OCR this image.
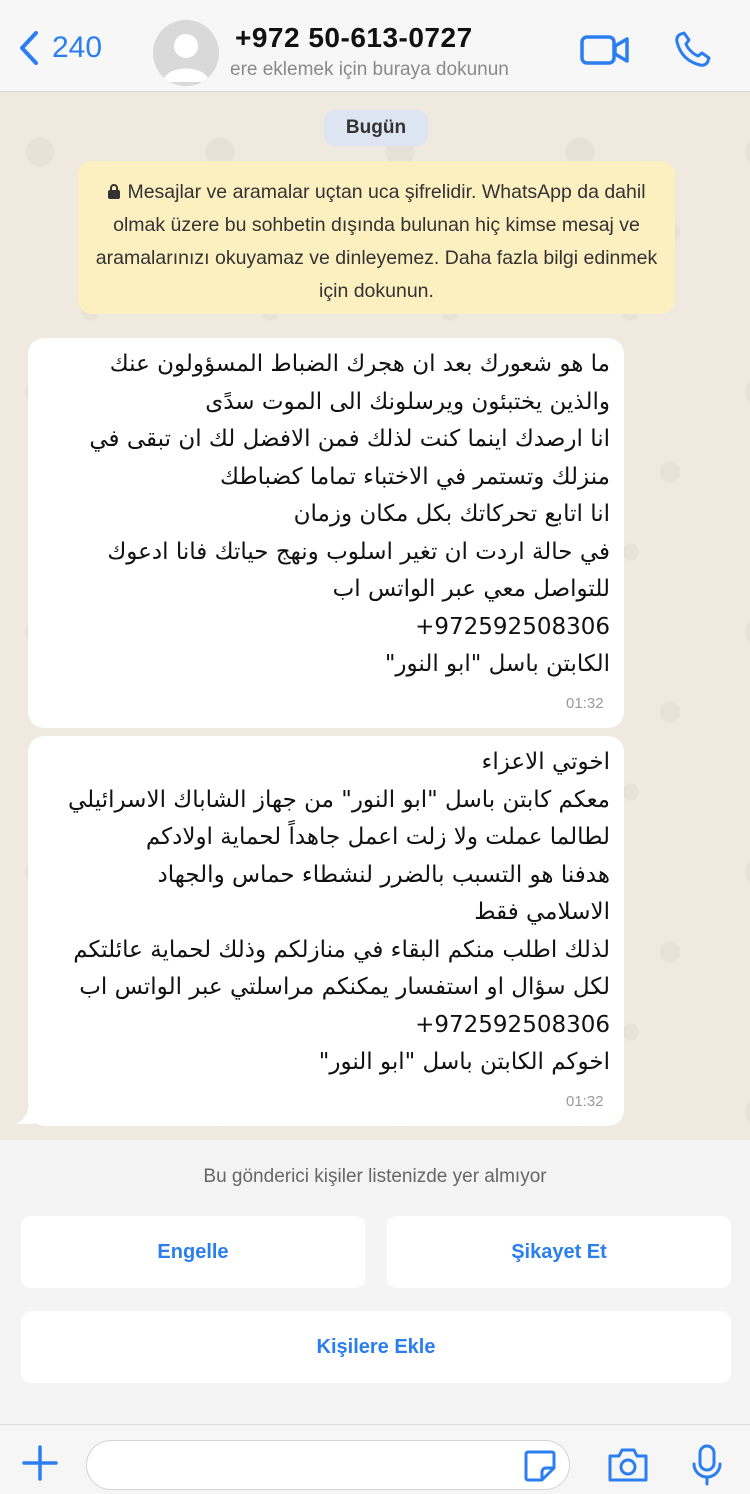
240	+972 50-613-0727
ere eklemek için buraya dokunun
Bugün
Mesajlar ve aramalar uçtan uca şifrelidir. WhatsApp da dahil olmak üzere bu sohbetin dışında bulunan hiç kimse mesaj ve aramalarınızı okuyamaz ve dinleyemez. Daha fazla bilgi edinmek için dokunun.
ما هو شعورك بعد ان هجرك الضباط المسؤولون عنك
والذين يختبئون ويرسلونك الى الموت سدًى
انا ارصدك اينما كنت لذلك فمن الافضل لك ان تبقى في
منزلك وتستمر في الاختباء تماما كضباطك
انا اتابع تحركاتك بكل مكان وزمان
في حالة اردت ان تغير اسلوب ونهج حياتك فانا ادعوك
للتواصل معي عبر الواتس اب
972592508306+
الكابتن باسل "ابو النور"
01:32
اخوتي الاعزاء
معكم كابتن باسل "ابو النور" من جهاز الشاباك الاسرائيلي
لطالما عملت ولا زلت اعمل جاهداً لحماية اولادكم
هدفنا هو التسبب بالضرر لنشطاء حماس والجهاد
الاسلامي فقط
لذلك اطلب منكم البقاء في منازلكم وذلك لحماية عائلتكم
لكل سؤال او استفسار يمكنكم مراسلتي عبر الواتس اب
972592508306+
اخوكم الكابتن باسل "ابو النور"
01:32
Bu gönderici kişiler listenizde yer almıyor
Engelle	Şikayet Et
Kişilere Ekle
